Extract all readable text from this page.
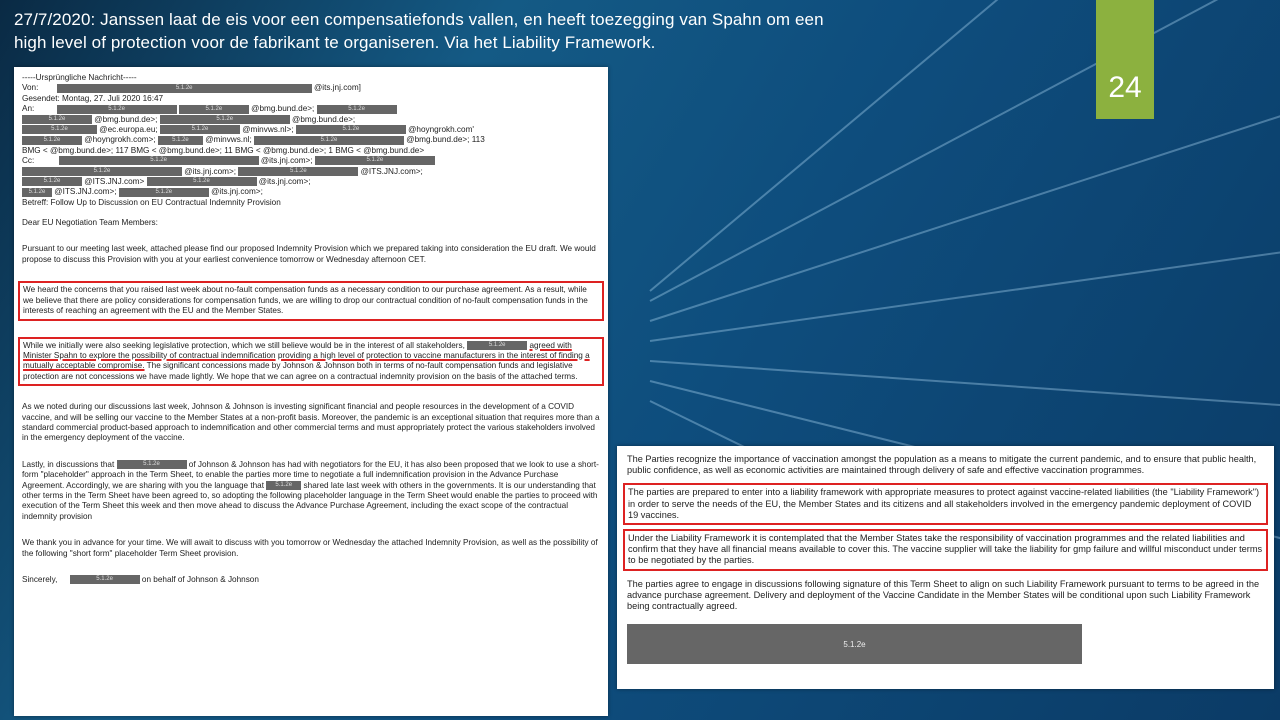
27/7/2020: Janssen laat de eis voor een compensatiefonds vallen, en heeft toezegging van Spahn om een
high level of protection voor de fabrikant te organiseren. Via het Liability Framework.
24
-----Ursprüngliche Nachricht-----
Von:	5.1.2e	@its.jnj.com]
Gesendet: Montag, 27. Juli 2020 16:47
An:	5.1.2e	5.1.2e	@bmg.bund.de>;	5.1.2e
5.1.2e	@bmg.bund.de>;	5.1.2e	@bmg.bund.de>;
5.1.2e	@ec.europa.eu;	5.1.2e	@minvws.nl>;	5.1.2e	@hoyngrokh.com'
5.1.2e	@hoyngrokh.com>;	5.1.2e @minvws.nl;	5.1.2e	@bmg.bund.de>; 113
BMG < @bmg.bund.de>; 117 BMG < @bmg.bund.de>; 11 BMG < @bmg.bund.de>; 1 BMG < @bmg.bund.de>
Cc:	5.1.2e	@its.jnj.com>;	5.1.2e
5.1.2e	@its.jnj.com>;	5.1.2e	@ITS.JNJ.com>;
5.1.2e	@ITS.JNJ.com>	5.1.2e	@its.jnj.com>;
5.1.2e @ITS.JNJ.com>;	5.1.2e	@its.jnj.com>;
Betreff: Follow Up to Discussion on EU Contractual Indemnity Provision

Dear EU Negotiation Team Members:

Pursuant to our meeting last week, attached please find our proposed Indemnity Provision which we prepared taking into consideration the EU draft. We would propose to discuss this Provision with you at your earliest convenience tomorrow or Wednesday afternoon CET.

We heard the concerns that you raised last week about no-fault compensation funds as a necessary condition to our purchase agreement. As a result, while we believe that there are policy considerations for compensation funds, we are willing to drop our contractual condition of no-fault compensation funds in the interests of reaching an agreement with the EU and the Member States.

While we initially were also seeking legislative protection, which we still believe would be in the interest of all stakeholders,	5.1.2e	agreed with Minister Spahn to explore the possibility of contractual indemnification providing a high level of protection to vaccine manufacturers in the interest of finding a mutually acceptable compromise. The significant concessions made by Johnson & Johnson both in terms of no-fault compensation funds and legislative protection are not concessions we have made lightly. We hope that we can agree on a contractual indemnity provision on the basis of the attached terms.

As we noted during our discussions last week, Johnson & Johnson is investing significant financial and people resources in the development of a COVID vaccine, and will be selling our vaccine to the Member States at a non-profit basis. Moreover, the pandemic is an exceptional situation that requires more than a standard commercial product-based approach to indemnification and other commercial terms and must appropriately protect the various stakeholders involved in the emergency deployment of the vaccine.

Lastly, in discussions that	5.1.2e	of Johnson & Johnson has had with negotiators for the EU, it has also been proposed that we look to use a short-form "placeholder" approach in the Term Sheet, to enable the parties more time to negotiate a full indemnification provision in the Advance Purchase Agreement. Accordingly, we are sharing with you the language that 5.1.2e shared late last week with others in the governments. It is our understanding that other terms in the Term Sheet have been agreed to, so adopting the following placeholder language in the Term Sheet would enable the parties to proceed with execution of the Term Sheet this week and then move ahead to discuss the Advance Purchase Agreement, including the exact scope of the contractual indemnity provision

We thank you in advance for your time. We will await to discuss with you tomorrow or Wednesday the attached Indemnity Provision, as well as the possibility of the following "short form" placeholder Term Sheet provision.

Sincerely,	5.1.2e	on behalf of Johnson & Johnson

The Parties recognize the importance of vaccination amongst the population as a means to mitigate the current pandemic, and to ensure that public health, public confidence, as well as economic activities are maintained through delivery of safe and effective vaccination programmes.

The parties are prepared to enter into a liability framework with appropriate measures to protect against vaccine-related liabilities (the "Liability Framework") in order to serve the needs of the EU, the Member States and its citizens and all stakeholders involved in the emergency pandemic deployment of COVID 19 vaccines.

Under the Liability Framework it is contemplated that the Member States take the responsibility of vaccination programmes and the related liabilities and confirm that they have all financial means available to cover this. The vaccine supplier will take the liability for gmp failure and willful misconduct under terms to be negotiated by the parties.

The parties agree to engage in discussions following signature of this Term Sheet to align on such Liability Framework pursuant to terms to be agreed in the advance purchase agreement. Delivery and deployment of the Vaccine Candidate in the Member States will be conditional upon such Liability Framework being contractually agreed.

5.1.2e
